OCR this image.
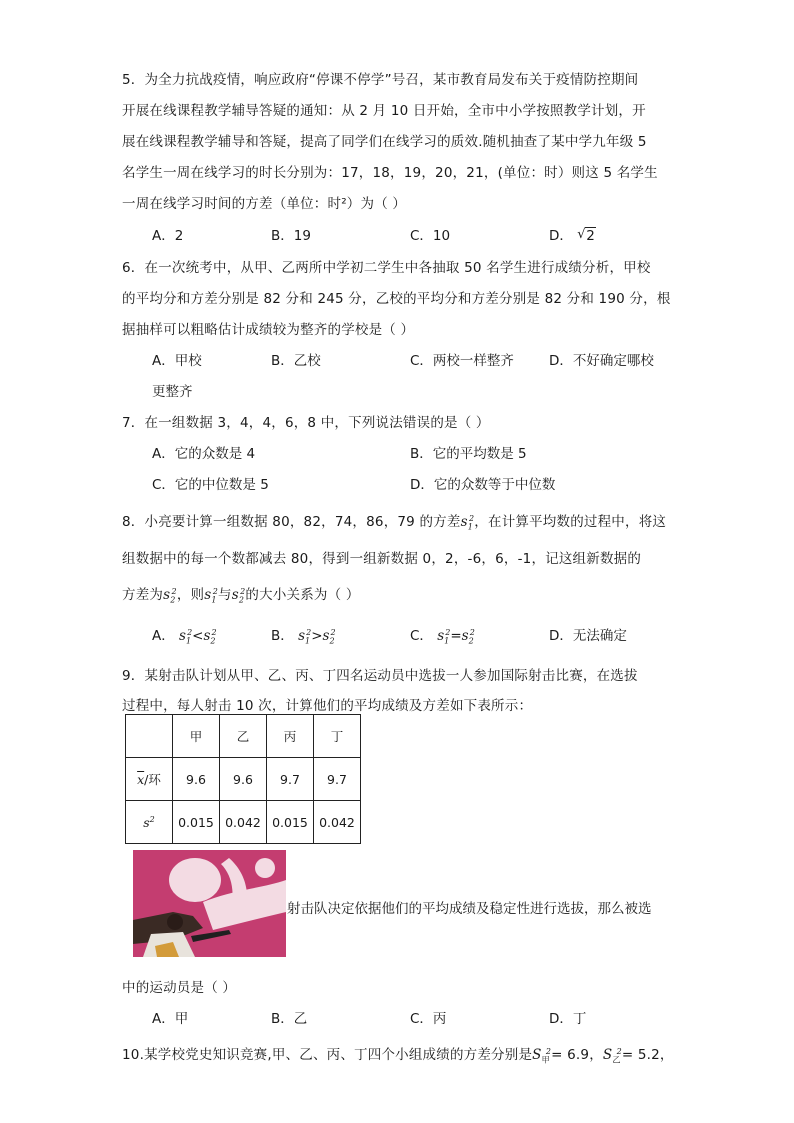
5．为全力抗战疫情，响应政府“停课不停学”号召，某市教育局发布关于疫情防控期间
开展在线课程教学辅导答疑的通知：从 2 月 10 日开始，全市中小学按照教学计划，开
展在线课程教学辅导和答疑，提高了同学们在线学习的质效.随机抽查了某中学九年级 5
名学生一周在线学习的时长分别为：17，18，19，20，21，(单位：时）则这 5 名学生
一周在线学习时间的方差（单位：时²）为（ ）
A．2	B．19	C．10	D． √ 2
6．在一次统考中，从甲、乙两所中学初二学生中各抽取 50 名学生进行成绩分析，甲校
的平均分和方差分别是 82 分和 245 分，乙校的平均分和方差分别是 82 分和 190 分，根
据抽样可以粗略估计成绩较为整齐的学校是（ ）
A．甲校	B．乙校	C．两校一样整齐	D．不好确定哪校
更整齐
7．在一组数据 3，4，4，6，8 中，下列说法错误的是（ ）
A．它的众数是 4	B．它的平均数是 5
C．它的中位数是 5	D．它的众数等于中位数
8．小亮要计算一组数据 80，82，74，86，79 的方差$s_1^2$，在计算平均数的过程中，将这
组数据中的每一个数都减去 80，得到一组新数据 0，2，-6，6，-1，记这组新数据的
方差为$s_2^2$，则$s_1^2$与$s_2^2$的大小关系为（ ）
A． $s_1^2<s_2^2$	B． $s_1^2>s_2^2$	C． $s_1^2=s_2^2$	D．无法确定
9．某射击队计划从甲、乙、丙、丁四名运动员中选拔一人参加国际射击比赛，在选拔
过程中，每人射击 10 次，计算他们的平均成绩及方差如下表所示：
	甲	乙	丙	丁
$\overline{x}/$环	9.6	9.6	9.7	9.7
$s^2$	0.015	0.042	0.015	0.042
射击队决定依据他们的平均成绩及稳定性进行选拔，那么被选
中的运动员是（ ）
A．甲	B．乙	C．丙	D．丁
10.某学校党史知识竞赛,甲、乙、丙、丁四个小组成绩的方差分别是$S_甲^2= 6.9$，$S_乙^2= 5.2$，
